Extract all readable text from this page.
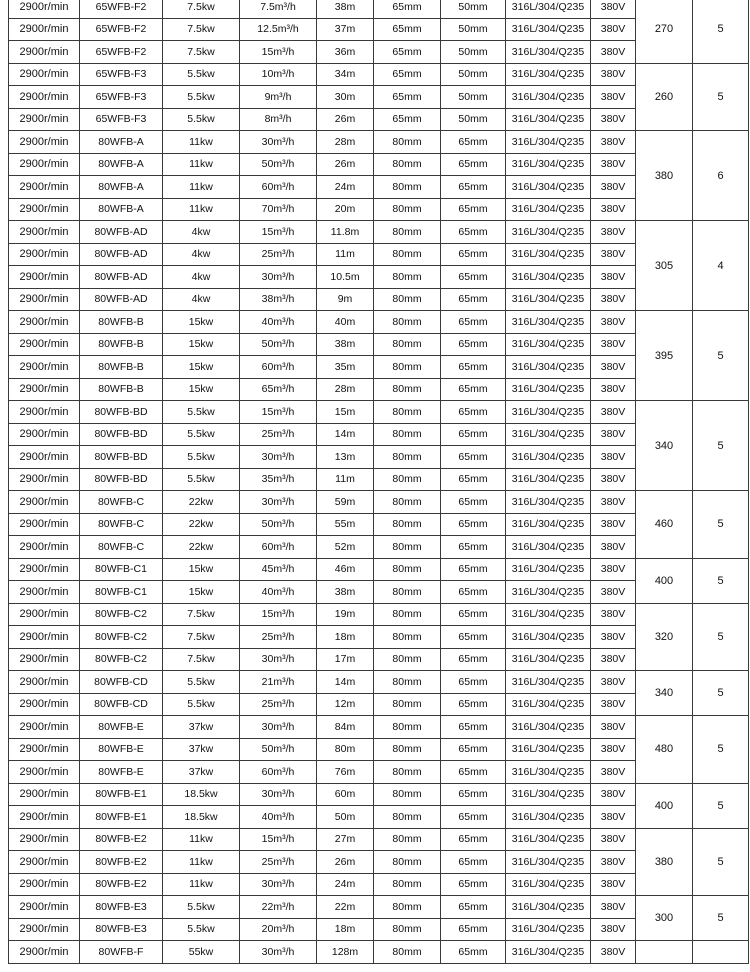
2900r/min	65WFB-F2	7.5kw	7.5m³/h	38m	65mm	50mm	316L/304/Q235	380V	270	5
2900r/min	65WFB-F2	7.5kw	12.5m³/h	37m	65mm	50mm	316L/304/Q235	380V		
2900r/min	65WFB-F2	7.5kw	15m³/h	36m	65mm	50mm	316L/304/Q235	380V		
2900r/min	65WFB-F3	5.5kw	10m³/h	34m	65mm	50mm	316L/304/Q235	380V	260	5
2900r/min	65WFB-F3	5.5kw	9m³/h	30m	65mm	50mm	316L/304/Q235	380V		
2900r/min	65WFB-F3	5.5kw	8m³/h	26m	65mm	50mm	316L/304/Q235	380V		
2900r/min	80WFB-A	11kw	30m³/h	28m	80mm	65mm	316L/304/Q235	380V	380	6
2900r/min	80WFB-A	11kw	50m³/h	26m	80mm	65mm	316L/304/Q235	380V		
2900r/min	80WFB-A	11kw	60m³/h	24m	80mm	65mm	316L/304/Q235	380V		
2900r/min	80WFB-A	11kw	70m³/h	20m	80mm	65mm	316L/304/Q235	380V		
2900r/min	80WFB-AD	4kw	15m³/h	11.8m	80mm	65mm	316L/304/Q235	380V	305	4
2900r/min	80WFB-AD	4kw	25m³/h	11m	80mm	65mm	316L/304/Q235	380V		
2900r/min	80WFB-AD	4kw	30m³/h	10.5m	80mm	65mm	316L/304/Q235	380V		
2900r/min	80WFB-AD	4kw	38m³/h	9m	80mm	65mm	316L/304/Q235	380V		
2900r/min	80WFB-B	15kw	40m³/h	40m	80mm	65mm	316L/304/Q235	380V	395	5
2900r/min	80WFB-B	15kw	50m³/h	38m	80mm	65mm	316L/304/Q235	380V		
2900r/min	80WFB-B	15kw	60m³/h	35m	80mm	65mm	316L/304/Q235	380V		
2900r/min	80WFB-B	15kw	65m³/h	28m	80mm	65mm	316L/304/Q235	380V		
2900r/min	80WFB-BD	5.5kw	15m³/h	15m	80mm	65mm	316L/304/Q235	380V	340	5
2900r/min	80WFB-BD	5.5kw	25m³/h	14m	80mm	65mm	316L/304/Q235	380V		
2900r/min	80WFB-BD	5.5kw	30m³/h	13m	80mm	65mm	316L/304/Q235	380V		
2900r/min	80WFB-BD	5.5kw	35m³/h	11m	80mm	65mm	316L/304/Q235	380V		
2900r/min	80WFB-C	22kw	30m³/h	59m	80mm	65mm	316L/304/Q235	380V	460	5
2900r/min	80WFB-C	22kw	50m³/h	55m	80mm	65mm	316L/304/Q235	380V		
2900r/min	80WFB-C	22kw	60m³/h	52m	80mm	65mm	316L/304/Q235	380V		
2900r/min	80WFB-C1	15kw	45m³/h	46m	80mm	65mm	316L/304/Q235	380V	400	5
2900r/min	80WFB-C1	15kw	40m³/h	38m	80mm	65mm	316L/304/Q235	380V		
2900r/min	80WFB-C2	7.5kw	15m³/h	19m	80mm	65mm	316L/304/Q235	380V	320	5
2900r/min	80WFB-C2	7.5kw	25m³/h	18m	80mm	65mm	316L/304/Q235	380V		
2900r/min	80WFB-C2	7.5kw	30m³/h	17m	80mm	65mm	316L/304/Q235	380V		
2900r/min	80WFB-CD	5.5kw	21m³/h	14m	80mm	65mm	316L/304/Q235	380V	340	5
2900r/min	80WFB-CD	5.5kw	25m³/h	12m	80mm	65mm	316L/304/Q235	380V		
2900r/min	80WFB-E	37kw	30m³/h	84m	80mm	65mm	316L/304/Q235	380V	480	5
2900r/min	80WFB-E	37kw	50m³/h	80m	80mm	65mm	316L/304/Q235	380V		
2900r/min	80WFB-E	37kw	60m³/h	76m	80mm	65mm	316L/304/Q235	380V		
2900r/min	80WFB-E1	18.5kw	30m³/h	60m	80mm	65mm	316L/304/Q235	380V	400	5
2900r/min	80WFB-E1	18.5kw	40m³/h	50m	80mm	65mm	316L/304/Q235	380V		
2900r/min	80WFB-E2	11kw	15m³/h	27m	80mm	65mm	316L/304/Q235	380V	380	5
2900r/min	80WFB-E2	11kw	25m³/h	26m	80mm	65mm	316L/304/Q235	380V		
2900r/min	80WFB-E2	11kw	30m³/h	24m	80mm	65mm	316L/304/Q235	380V		
2900r/min	80WFB-E3	5.5kw	22m³/h	22m	80mm	65mm	316L/304/Q235	380V	300	5
2900r/min	80WFB-E3	5.5kw	20m³/h	18m	80mm	65mm	316L/304/Q235	380V		
2900r/min	80WFB-F	55kw	30m³/h	128m	80mm	65mm	316L/304/Q235	380V		
